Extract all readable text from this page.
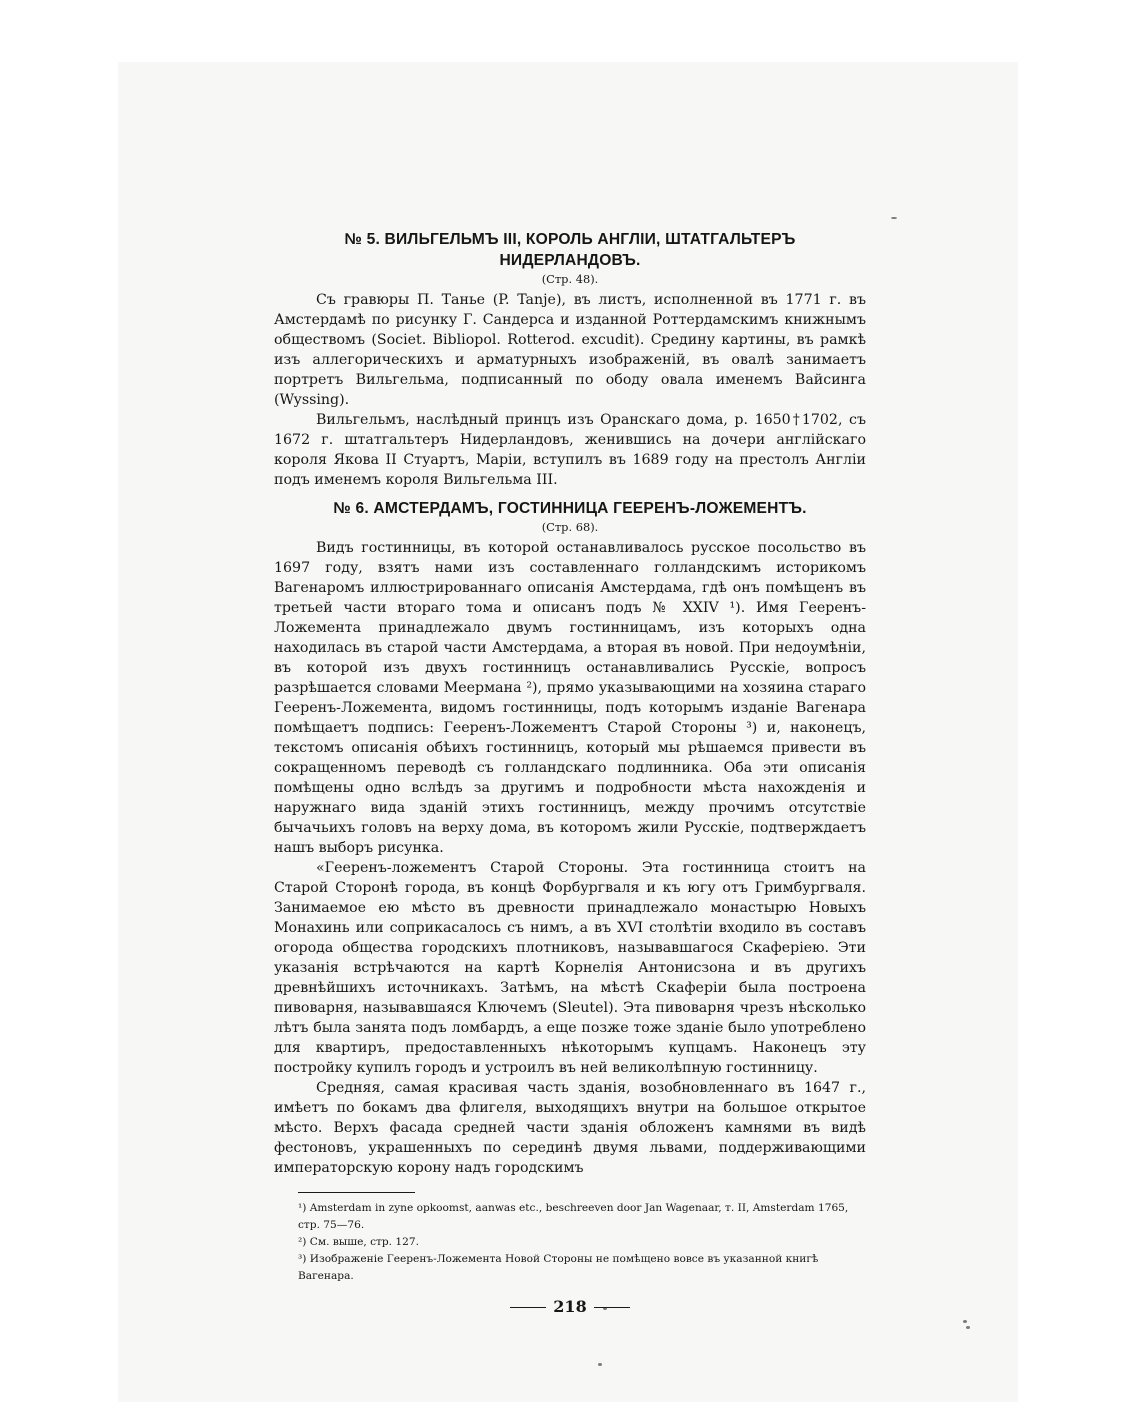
№ 5. ВИЛЬГЕЛЬМЪ III, КОРОЛЬ АНГЛІИ, ШТАТГАЛЬТЕРЪ НИДЕРЛАНДОВЪ.

(Стр. 48).

Съ гравюры П. Танье (P. Tanje), въ листъ, исполненной въ 1771 г. въ Амстердамѣ по рисунку Г. Сандерса и изданной Роттердамскимъ книжнымъ обществомъ (Societ. Bibliopol. Rotterod. excudit). Средину картины, въ рамкѣ изъ аллегорическихъ и арматурныхъ изображеній, въ овалѣ занимаетъ портретъ Вильгельма, подписанный по ободу овала именемъ Вайсинга (Wyssing).

Вильгельмъ, наслѣдный принцъ изъ Оранскаго дома, р. 1650†1702, съ 1672 г. штатгальтеръ Нидерландовъ, женившись на дочери англійскаго короля Якова II Стуартъ, Маріи, вступилъ въ 1689 году на престолъ Англіи подъ именемъ короля Вильгельма III.

№ 6. АМСТЕРДАМЪ, ГОСТИННИЦА ГЕЕРЕНЪ-ЛОЖЕМЕНТЪ.

(Стр. 68).

Видъ гостинницы, въ которой останавливалось русское посольство въ 1697 году, взятъ нами изъ составленнаго голландскимъ историкомъ Вагенаромъ иллюстрированнаго описанія Амстердама, гдѣ онъ помѣщенъ въ третьей части втораго тома и описанъ подъ № XXIV ¹). Имя Гееренъ-Ложемента принадлежало двумъ гостинницамъ, изъ которыхъ одна находилась въ старой части Амстердама, а вторая въ новой. При недоумѣніи, въ которой изъ двухъ гостинницъ останавливались Русскіе, вопросъ разрѣшается словами Меермана ²), прямо указывающими на хозяина стараго Гееренъ-Ложемента, видомъ гостинницы, подъ которымъ изданіе Вагенара помѣщаетъ подпись: Гееренъ-Ложементъ Старой Стороны ³) и, наконецъ, текстомъ описанія обѣихъ гостинницъ, который мы рѣшаемся привести въ сокращенномъ переводѣ съ голландскаго подлинника. Оба эти описанія помѣщены одно вслѣдъ за другимъ и подробности мѣста нахожденія и наружнаго вида зданій этихъ гостинницъ, между прочимъ отсутствіе бычачьихъ головъ на верху дома, въ которомъ жили Русскіе, подтверждаетъ нашъ выборъ рисунка.

«Гееренъ-ложементъ Старой Стороны. Эта гостинница стоитъ на Старой Сторонѣ города, въ концѣ Форбургваля и къ югу отъ Гримбургваля. Занимаемое ею мѣсто въ древности принадлежало монастырю Новыхъ Монахинь или соприкасалось съ нимъ, а въ XVI столѣтіи входило въ составъ огорода общества городскихъ плотниковъ, называвшагося Скаферіею. Эти указанія встрѣчаются на картѣ Корнелія Антонисзона и въ другихъ древнѣйшихъ источникахъ. Затѣмъ, на мѣстѣ Скаферіи была построена пивоварня, называвшаяся Ключемъ (Sleutel). Эта пивоварня чрезъ нѣсколько лѣтъ была занята подъ ломбардъ, а еще позже тоже зданіе было употреблено для квартиръ, предоставленныхъ нѣкоторымъ купцамъ. Наконецъ эту постройку купилъ городъ и устроилъ въ ней великолѣпную гостинницу.

Средняя, самая красивая часть зданія, возобновленнаго въ 1647 г., имѣетъ по бокамъ два флигеля, выходящихъ внутри на большое открытое мѣсто. Верхъ фасада средней части зданія обложенъ камнями въ видѣ фестоновъ, украшенныхъ по серединѣ двумя львами, поддерживающими императорскую корону надъ городскимъ

¹) Amsterdam in zyne opkoomst, aanwas etc., beschreeven door Jan Wagenaar, т. II, Amsterdam 1765, стр. 75—76.

²) См. выше, стр. 127.

³) Изображеніе Гееренъ-Ложемента Новой Стороны не помѣщено вовсе въ указанной книгѣ Вагенара.

218
